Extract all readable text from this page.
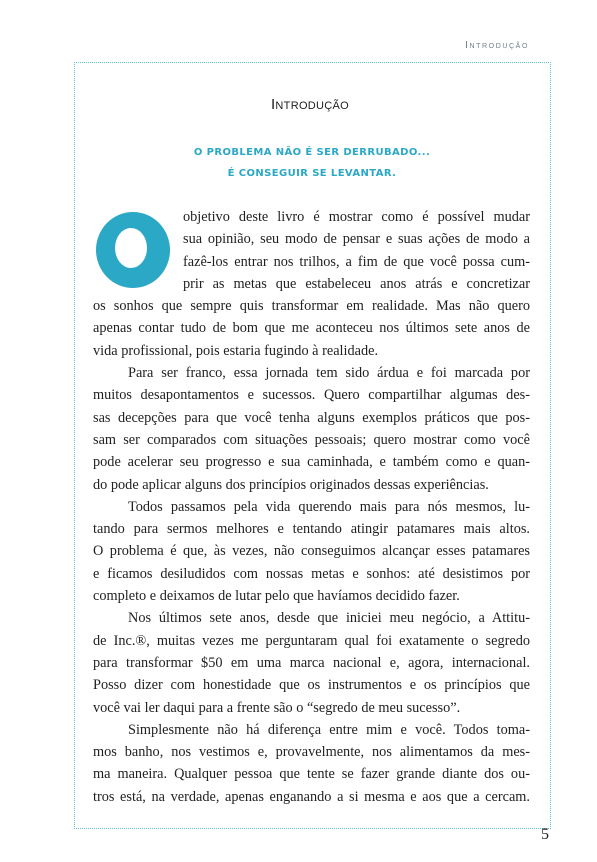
Introdução
Introdução
O PROBLEMA NÃO É SER DERRUBADO...
É CONSEGUIR SE LEVANTAR.
objetivo deste livro é mostrar como é possível mudar
sua opinião, seu modo de pensar e suas ações de modo a
fazê-los entrar nos trilhos, a fim de que você possa cum-
prir as metas que estabeleceu anos atrás e concretizar
os sonhos que sempre quis transformar em realidade. Mas não quero
apenas contar tudo de bom que me aconteceu nos últimos sete anos de
vida profissional, pois estaria fugindo à realidade.
Para ser franco, essa jornada tem sido árdua e foi marcada por
muitos desapontamentos e sucessos. Quero compartilhar algumas des-
sas decepções para que você tenha alguns exemplos práticos que pos-
sam ser comparados com situações pessoais; quero mostrar como você
pode acelerar seu progresso e sua caminhada, e também como e quan-
do pode aplicar alguns dos princípios originados dessas experiências.
Todos passamos pela vida querendo mais para nós mesmos, lu-
tando para sermos melhores e tentando atingir patamares mais altos.
O problema é que, às vezes, não conseguimos alcançar esses patamares
e ficamos desiludidos com nossas metas e sonhos: até desistimos por
completo e deixamos de lutar pelo que havíamos decidido fazer.
Nos últimos sete anos, desde que iniciei meu negócio, a Attitu-
de Inc.®, muitas vezes me perguntaram qual foi exatamente o segredo
para transformar $50 em uma marca nacional e, agora, internacional.
Posso dizer com honestidade que os instrumentos e os princípios que
você vai ler daqui para a frente são o “segredo de meu sucesso”.
Simplesmente não há diferença entre mim e você. Todos toma-
mos banho, nos vestimos e, provavelmente, nos alimentamos da mes-
ma maneira. Qualquer pessoa que tente se fazer grande diante dos ou-
tros está, na verdade, apenas enganando a si mesma e aos que a cercam.
5
